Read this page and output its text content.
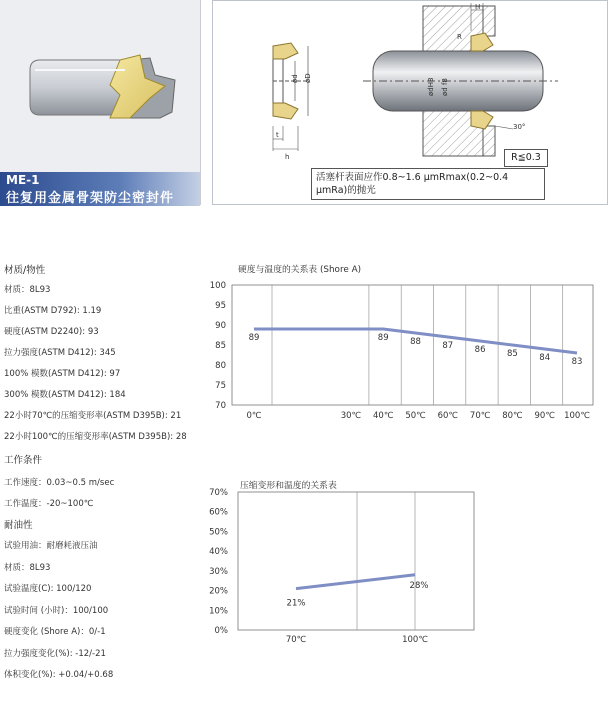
ME-1
往复用金属骨架防尘密封件
ød øD
t
h
H
R
30°
ødH8 ød f8
R≦0.3
活塞杆表面应作0.8~1.6 μmRmax(0.2~0.4 μmRa)的抛光
材质/物性
材质：8L93
比重(ASTM D792): 1.19
硬度(ASTM D2240): 93
拉力强度(ASTM D412): 345
100% 模数(ASTM D412): 97
300% 模数(ASTM D412): 184
22小时70℃的压缩变形率(ASTM D395B): 21
22小时100℃的压缩变形率(ASTM D395B): 28
工作条件
工作速度：0.03~0.5 m/sec
工作温度：-20~100℃
耐油性
试验用油：耐磨耗液压油
材质：8L93
试验温度(C): 100/120
试验时间 (小时)：100/100
硬度变化 (Shore A)：0/-1
拉力强度变化(%): -12/-21
体积变化(%): +0.04/+0.68
硬度与温度的关系表 (Shore A)
100
95
90
85
80
75
70
0℃	30℃ 40℃ 50℃ 60℃ 70℃ 80℃ 90℃ 100℃
89	89	88	87	86	85	84	83
70%
60%
50%
40%
30%
20%
10%
0%
70℃	100℃
21%
28%
压缩变形和温度的关系表
